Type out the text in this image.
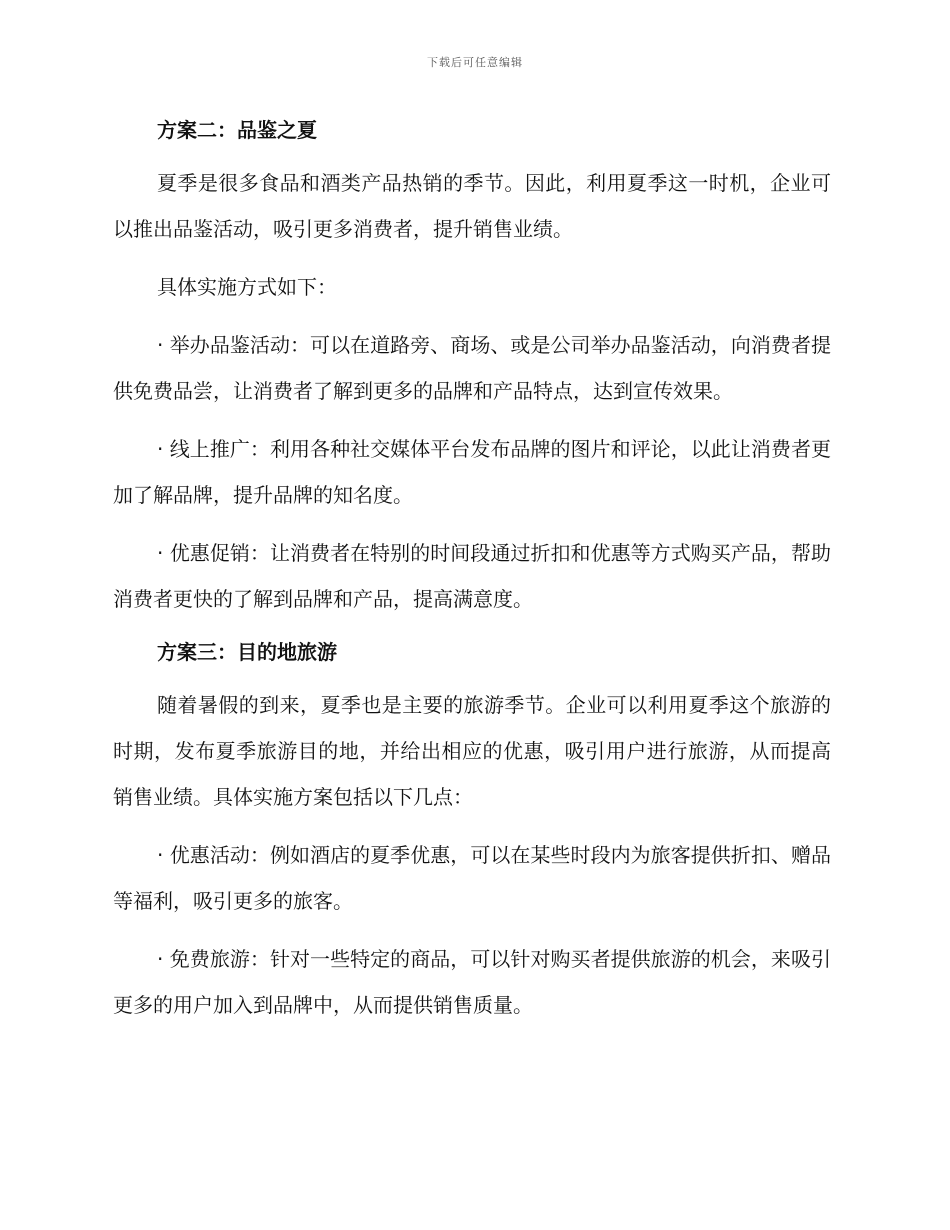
下载后可任意编辑
方案二：品鉴之夏

夏季是很多食品和酒类产品热销的季节。因此，利用夏季这一时机，企业可以推出品鉴活动，吸引更多消费者，提升销售业绩。

具体实施方式如下：

· 举办品鉴活动：可以在道路旁、商场、或是公司举办品鉴活动，向消费者提供免费品尝，让消费者了解到更多的品牌和产品特点，达到宣传效果。

· 线上推广：利用各种社交媒体平台发布品牌的图片和评论，以此让消费者更加了解品牌，提升品牌的知名度。

· 优惠促销：让消费者在特别的时间段通过折扣和优惠等方式购买产品，帮助消费者更快的了解到品牌和产品，提高满意度。

方案三：目的地旅游

随着暑假的到来，夏季也是主要的旅游季节。企业可以利用夏季这个旅游的时期，发布夏季旅游目的地，并给出相应的优惠，吸引用户进行旅游，从而提高销售业绩。具体实施方案包括以下几点：

· 优惠活动：例如酒店的夏季优惠，可以在某些时段内为旅客提供折扣、赠品等福利，吸引更多的旅客。

· 免费旅游：针对一些特定的商品，可以针对购买者提供旅游的机会，来吸引更多的用户加入到品牌中，从而提供销售质量。
